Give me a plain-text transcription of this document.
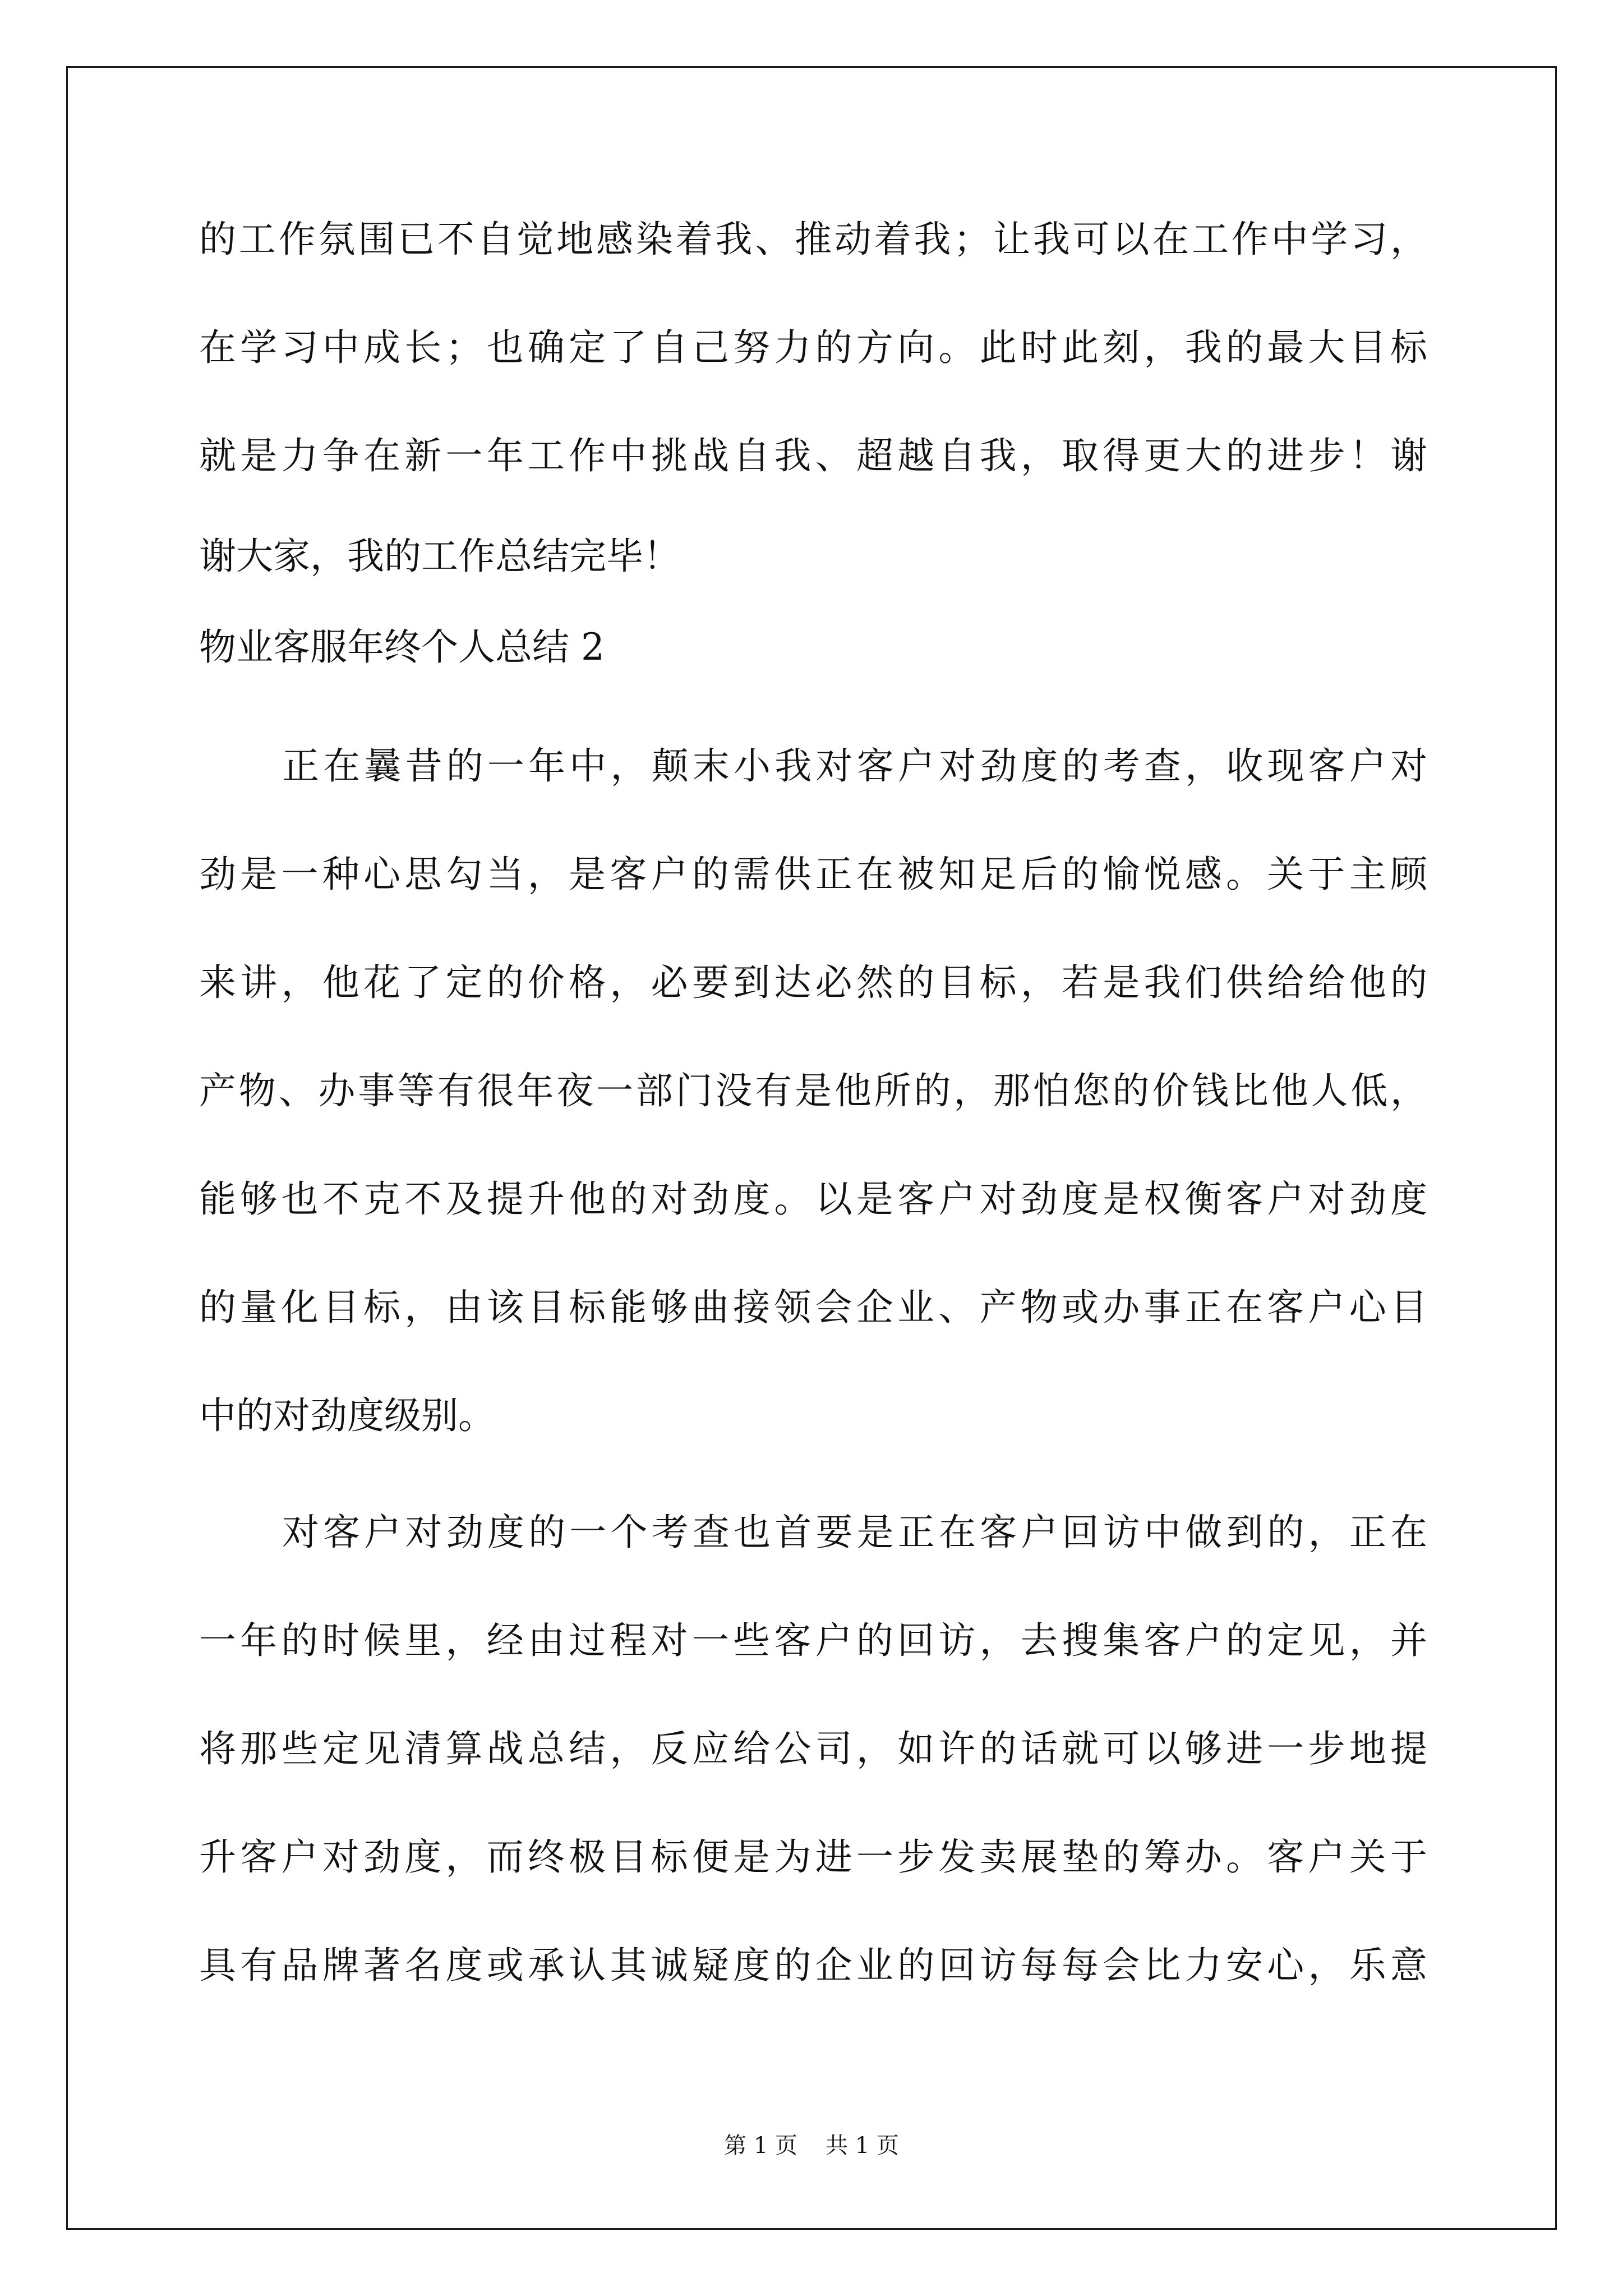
的工作氛围已不自觉地感染着我、推动着我；让我可以在工作中学习，
在学习中成长；也确定了自己努力的方向。此时此刻，我的最大目标
就是力争在新一年工作中挑战自我、超越自我，取得更大的进步！谢
谢大家，我的工作总结完毕！
物业客服年终个人总结 2
正在曩昔的一年中，颠末小我对客户对劲度的考查，收现客户对
劲是一种心思勾当，是客户的需供正在被知足后的愉悦感。关于主顾
来讲，他花了定的价格，必要到达必然的目标，若是我们供给给他的
产物、办事等有很年夜一部门没有是他所的，那怕您的价钱比他人低，
能够也不克不及提升他的对劲度。以是客户对劲度是权衡客户对劲度
的量化目标，由该目标能够曲接领会企业、产物或办事正在客户心目
中的对劲度级别。
对客户对劲度的一个考查也首要是正在客户回访中做到的，正在
一年的时候里，经由过程对一些客户的回访，去搜集客户的定见，并
将那些定见清算战总结，反应给公司，如许的话就可以够进一步地提
升客户对劲度，而终极目标便是为进一步发卖展垫的筹办。客户关于
具有品牌著名度或承认其诚疑度的企业的回访每每会比力安心，乐意
第 1 页 共 1 页
